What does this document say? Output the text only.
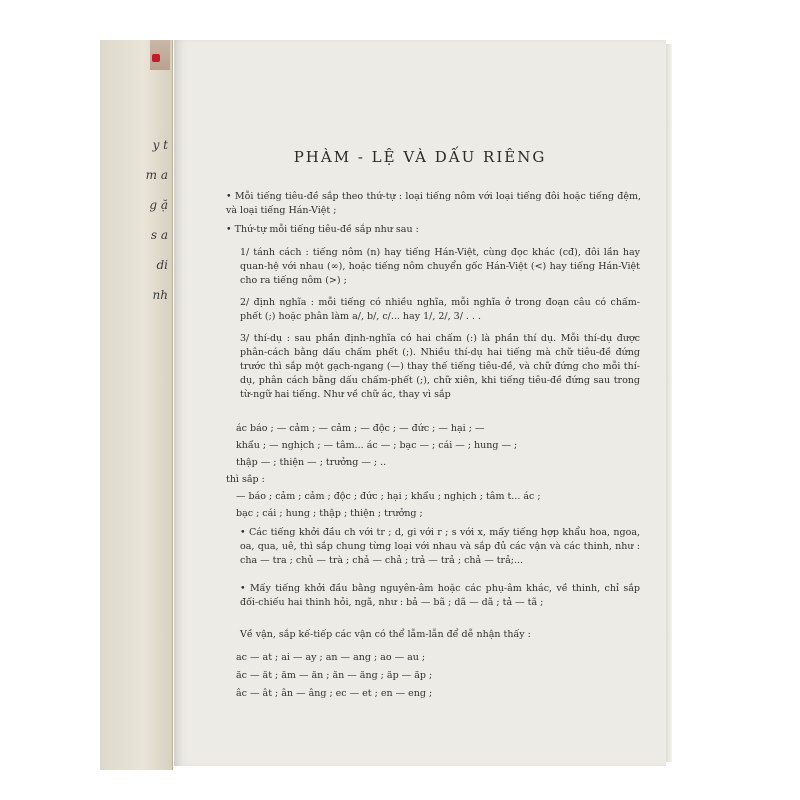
y t m a g ặ s a di nh
PHÀM - LỆ VÀ DẤU RIÊNG
• Mỗi tiếng tiêu-đề sắp theo thứ-tự : loại tiếng nôm với loại tiếng đôi hoặc tiếng đệm, và loại tiếng Hán-Việt ;
• Thứ-tự mỗi tiếng tiêu-đề sắp như sau :
1/ tánh cách : tiếng nôm (n) hay tiếng Hán-Việt, cùng đọc khác (cđ), đôi lần hay quan-hệ với nhau (∞), hoặc tiếng nôm chuyển gốc Hán-Việt (<) hay tiếng Hán-Việt cho ra tiếng nôm (>) ;
2/ định nghĩa : mỗi tiếng có nhiều nghĩa, mỗi nghĩa ở trong đoạn câu có chấm-phết (;) hoặc phân làm a/, b/, c/... hay 1/, 2/, 3/ . . .
3/ thí-dụ : sau phần định-nghĩa có hai chấm (:) là phần thí dụ. Mỗi thí-dụ được phân-cách bằng dấu chấm phết (;). Nhiều thí-dụ hai tiếng mà chữ tiêu-đề đứng trước thì sắp một gạch-ngang (—) thay thế tiếng tiêu-đề, và chữ đứng cho mỗi thí-dụ, phân cách bằng dấu chấm-phết (;), chữ xiên, khi tiếng tiêu-đề đứng sau trong từ-ngữ hai tiếng. Như về chữ ác, thay vì sắp
ác báo ; — cảm ; — cảm ; — độc ; — đức ; — hại ; —
khẩu ; — nghịch ; — tâm... ác — ; bạc — ; cái — ; hung — ;
thập — ; thiện — ; trưởng — ; ..
thì sắp :
— báo ; cảm ; cảm ; độc ; đức ; hại ; khẩu ; nghịch ; tâm t... ác ;
bạc ; cái ; hung ; thập ; thiện ; trưởng ;
• Các tiếng khởi đầu ch với tr ; d, gi với r ; s với x, mấy tiếng hợp khẩu hoa, ngoa, oa, qua, uê, thì sắp chung từng loại với nhau và sắp đủ các vận và các thinh, như : cha — tra ; chủ — trà ; chả — chả ; trả — trả ; chả — trả;...
• Mấy tiếng khởi đầu bằng nguyên-âm hoặc các phụ-âm khác, về thinh, chỉ sắp đối-chiếu hai thinh hỏi, ngã, như : bả — bã ; dã — dã ; tả — tã ;
Về vận, sắp kế-tiếp các vận có thể lẫm-lẫn để dễ nhận thấy :
ac — at ; ai — ay ; an — ang ; ao — au ;
ăc — ăt ; ăm — ăn ; ăn — ăng ; ăp — ăp ;
âc — ât ; ân — âng ; ec — et ; en — eng ;
